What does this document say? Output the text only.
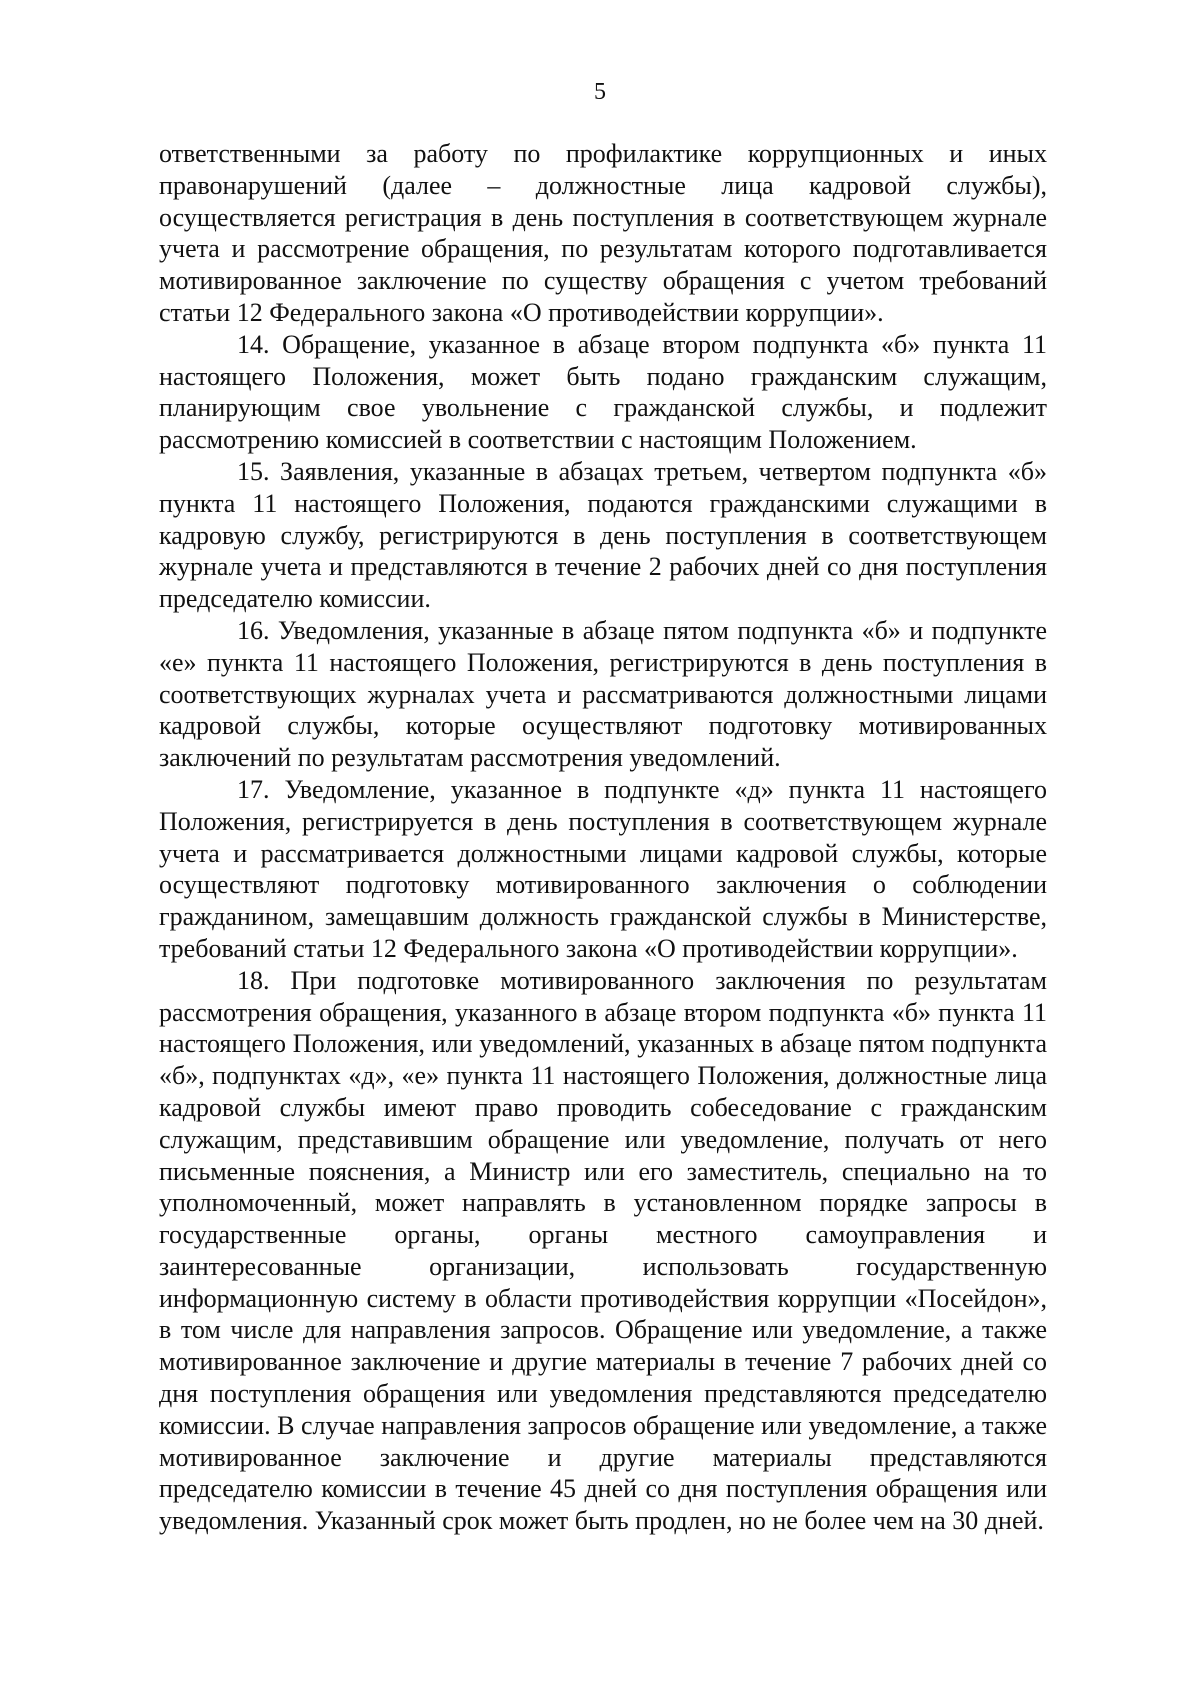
5

ответственными за работу по профилактике коррупционных и иных правонарушений (далее – должностные лица кадровой службы), осуществляется регистрация в день поступления в соответствующем журнале учета и рассмотрение обращения, по результатам которого подготавливается мотивированное заключение по существу обращения с учетом требований статьи 12 Федерального закона «О противодействии коррупции».

14. Обращение, указанное в абзаце втором подпункта «б» пункта 11 настоящего Положения, может быть подано гражданским служащим, планирующим свое увольнение с гражданской службы, и подлежит рассмотрению комиссией в соответствии с настоящим Положением.

15. Заявления, указанные в абзацах третьем, четвертом подпункта «б» пункта 11 настоящего Положения, подаются гражданскими служащими в кадровую службу, регистрируются в день поступления в соответствующем журнале учета и представляются в течение 2 рабочих дней со дня поступления председателю комиссии.

16. Уведомления, указанные в абзаце пятом подпункта «б» и подпункте «е» пункта 11 настоящего Положения, регистрируются в день поступления в соответствующих журналах учета и рассматриваются должностными лицами кадровой службы, которые осуществляют подготовку мотивированных заключений по результатам рассмотрения уведомлений.

17. Уведомление, указанное в подпункте «д» пункта 11 настоящего Положения, регистрируется в день поступления в соответствующем журнале учета и рассматривается должностными лицами кадровой службы, которые осуществляют подготовку мотивированного заключения о соблюдении гражданином, замещавшим должность гражданской службы в Министерстве, требований статьи 12 Федерального закона «О противодействии коррупции».

18. При подготовке мотивированного заключения по результатам рассмотрения обращения, указанного в абзаце втором подпункта «б» пункта 11 настоящего Положения, или уведомлений, указанных в абзаце пятом подпункта «б», подпунктах «д», «е» пункта 11 настоящего Положения, должностные лица кадровой службы имеют право проводить собеседование с гражданским служащим, представившим обращение или уведомление, получать от него письменные пояснения, а Министр или его заместитель, специально на то уполномоченный, может направлять в установленном порядке запросы в государственные органы, органы местного самоуправления и заинтересованные организации, использовать государственную информационную систему в области противодействия коррупции «Посейдон», в том числе для направления запросов. Обращение или уведомление, а также мотивированное заключение и другие материалы в течение 7 рабочих дней со дня поступления обращения или уведомления представляются председателю комиссии. В случае направления запросов обращение или уведомление, а также мотивированное заключение и другие материалы представляются председателю комиссии в течение 45 дней со дня поступления обращения или уведомления. Указанный срок может быть продлен, но не более чем на 30 дней.
